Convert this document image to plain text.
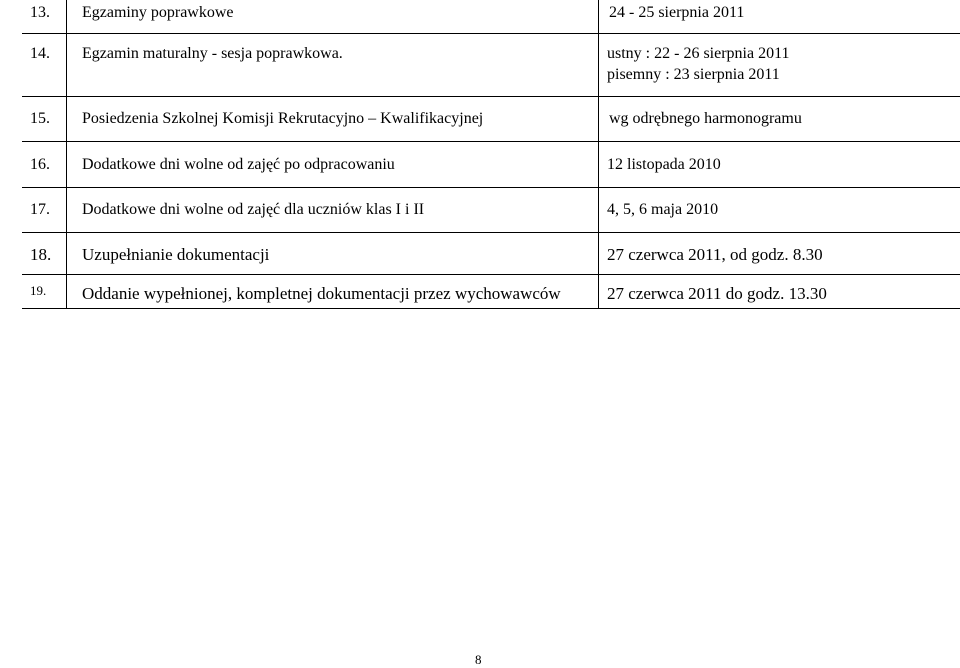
13. Egzaminy poprawkowe	24 - 25 sierpnia 2011
14. Egzamin maturalny - sesja poprawkowa.	ustny : 22 - 26 sierpnia 2011
pisemny : 23 sierpnia 2011
15. Posiedzenia Szkolnej Komisji Rekrutacyjno – Kwalifikacyjnej	wg odrębnego harmonogramu
16. Dodatkowe dni wolne od zajęć po odpracowaniu	12 listopada 2010
17. Dodatkowe dni wolne od zajęć dla uczniów klas I i II	4, 5, 6 maja 2010
18. Uzupełnianie dokumentacji	27 czerwca 2011, od godz. 8.30
19. Oddanie wypełnionej, kompletnej dokumentacji przez wychowawców	27 czerwca 2011 do godz. 13.30
8
